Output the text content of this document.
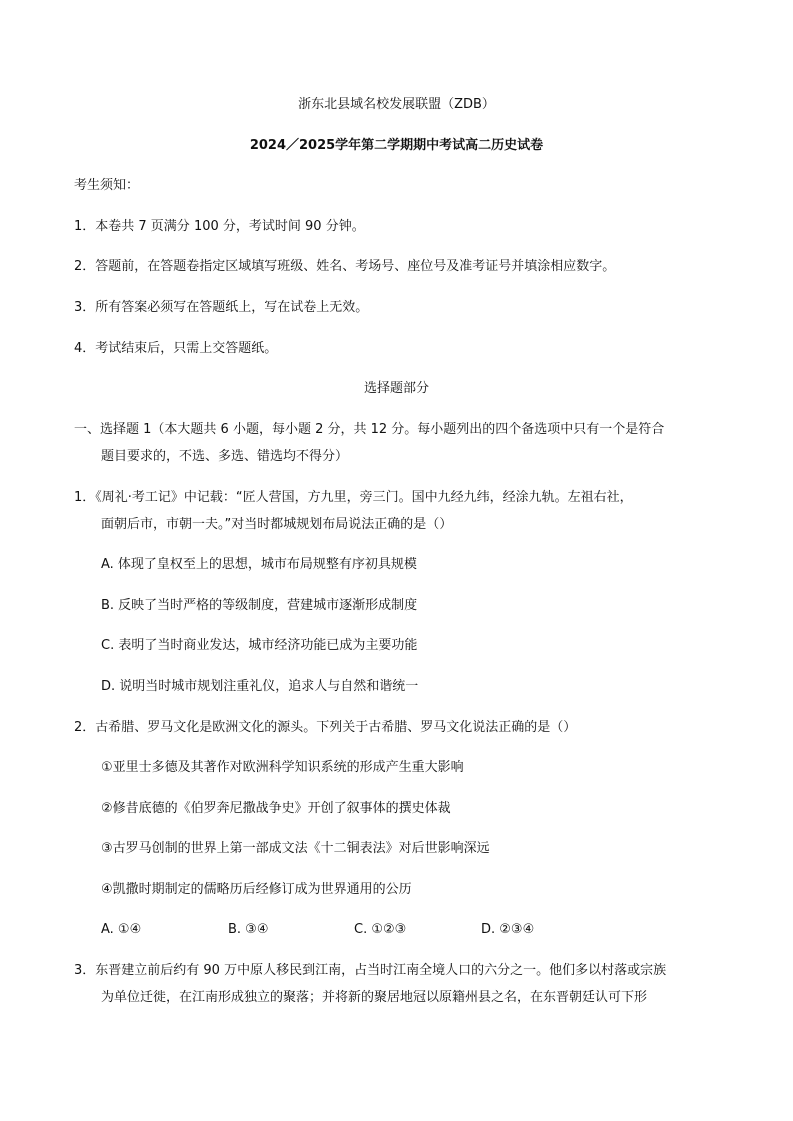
浙东北县域名校发展联盟（ZDB）
2024／2025学年第二学期期中考试高二历史试卷
考生须知：
1．本卷共 7 页满分 100 分，考试时间 90 分钟。
2．答题前，在答题卷指定区域填写班级、姓名、考场号、座位号及准考证号并填涂相应数字。
3．所有答案必须写在答题纸上，写在试卷上无效。
4．考试结束后，只需上交答题纸。
选择题部分
一、选择题 1（本大题共 6 小题，每小题 2 分，共 12 分。每小题列出的四个备选项中只有一个是符合
题目要求的，不选、多选、错选均不得分）
1．《周礼·考工记》中记载：“匠人营国，方九里，旁三门。国中九经九纬，经涂九轨。左祖右社，
面朝后市，市朝一夫。”对当时都城规划布局说法正确的是（）
A. 体现了皇权至上的思想，城市布局规整有序初具规模
B. 反映了当时严格的等级制度，营建城市逐渐形成制度
C. 表明了当时商业发达，城市经济功能已成为主要功能
D. 说明当时城市规划注重礼仪，追求人与自然和谐统一
2．古希腊、罗马文化是欧洲文化的源头。下列关于古希腊、罗马文化说法正确的是（）
①亚里士多德及其著作对欧洲科学知识系统的形成产生重大影响
②修昔底德的《伯罗奔尼撒战争史》开创了叙事体的撰史体裁
③古罗马创制的世界上第一部成文法《十二铜表法》对后世影响深远
④凯撒时期制定的儒略历后经修订成为世界通用的公历
A. ①④	B. ③④	C. ①②③	D. ②③④
3．东晋建立前后约有 90 万中原人移民到江南，占当时江南全境人口的六分之一。他们多以村落或宗族
为单位迁徙，在江南形成独立的聚落；并将新的聚居地冠以原籍州县之名，在东晋朝廷认可下形
